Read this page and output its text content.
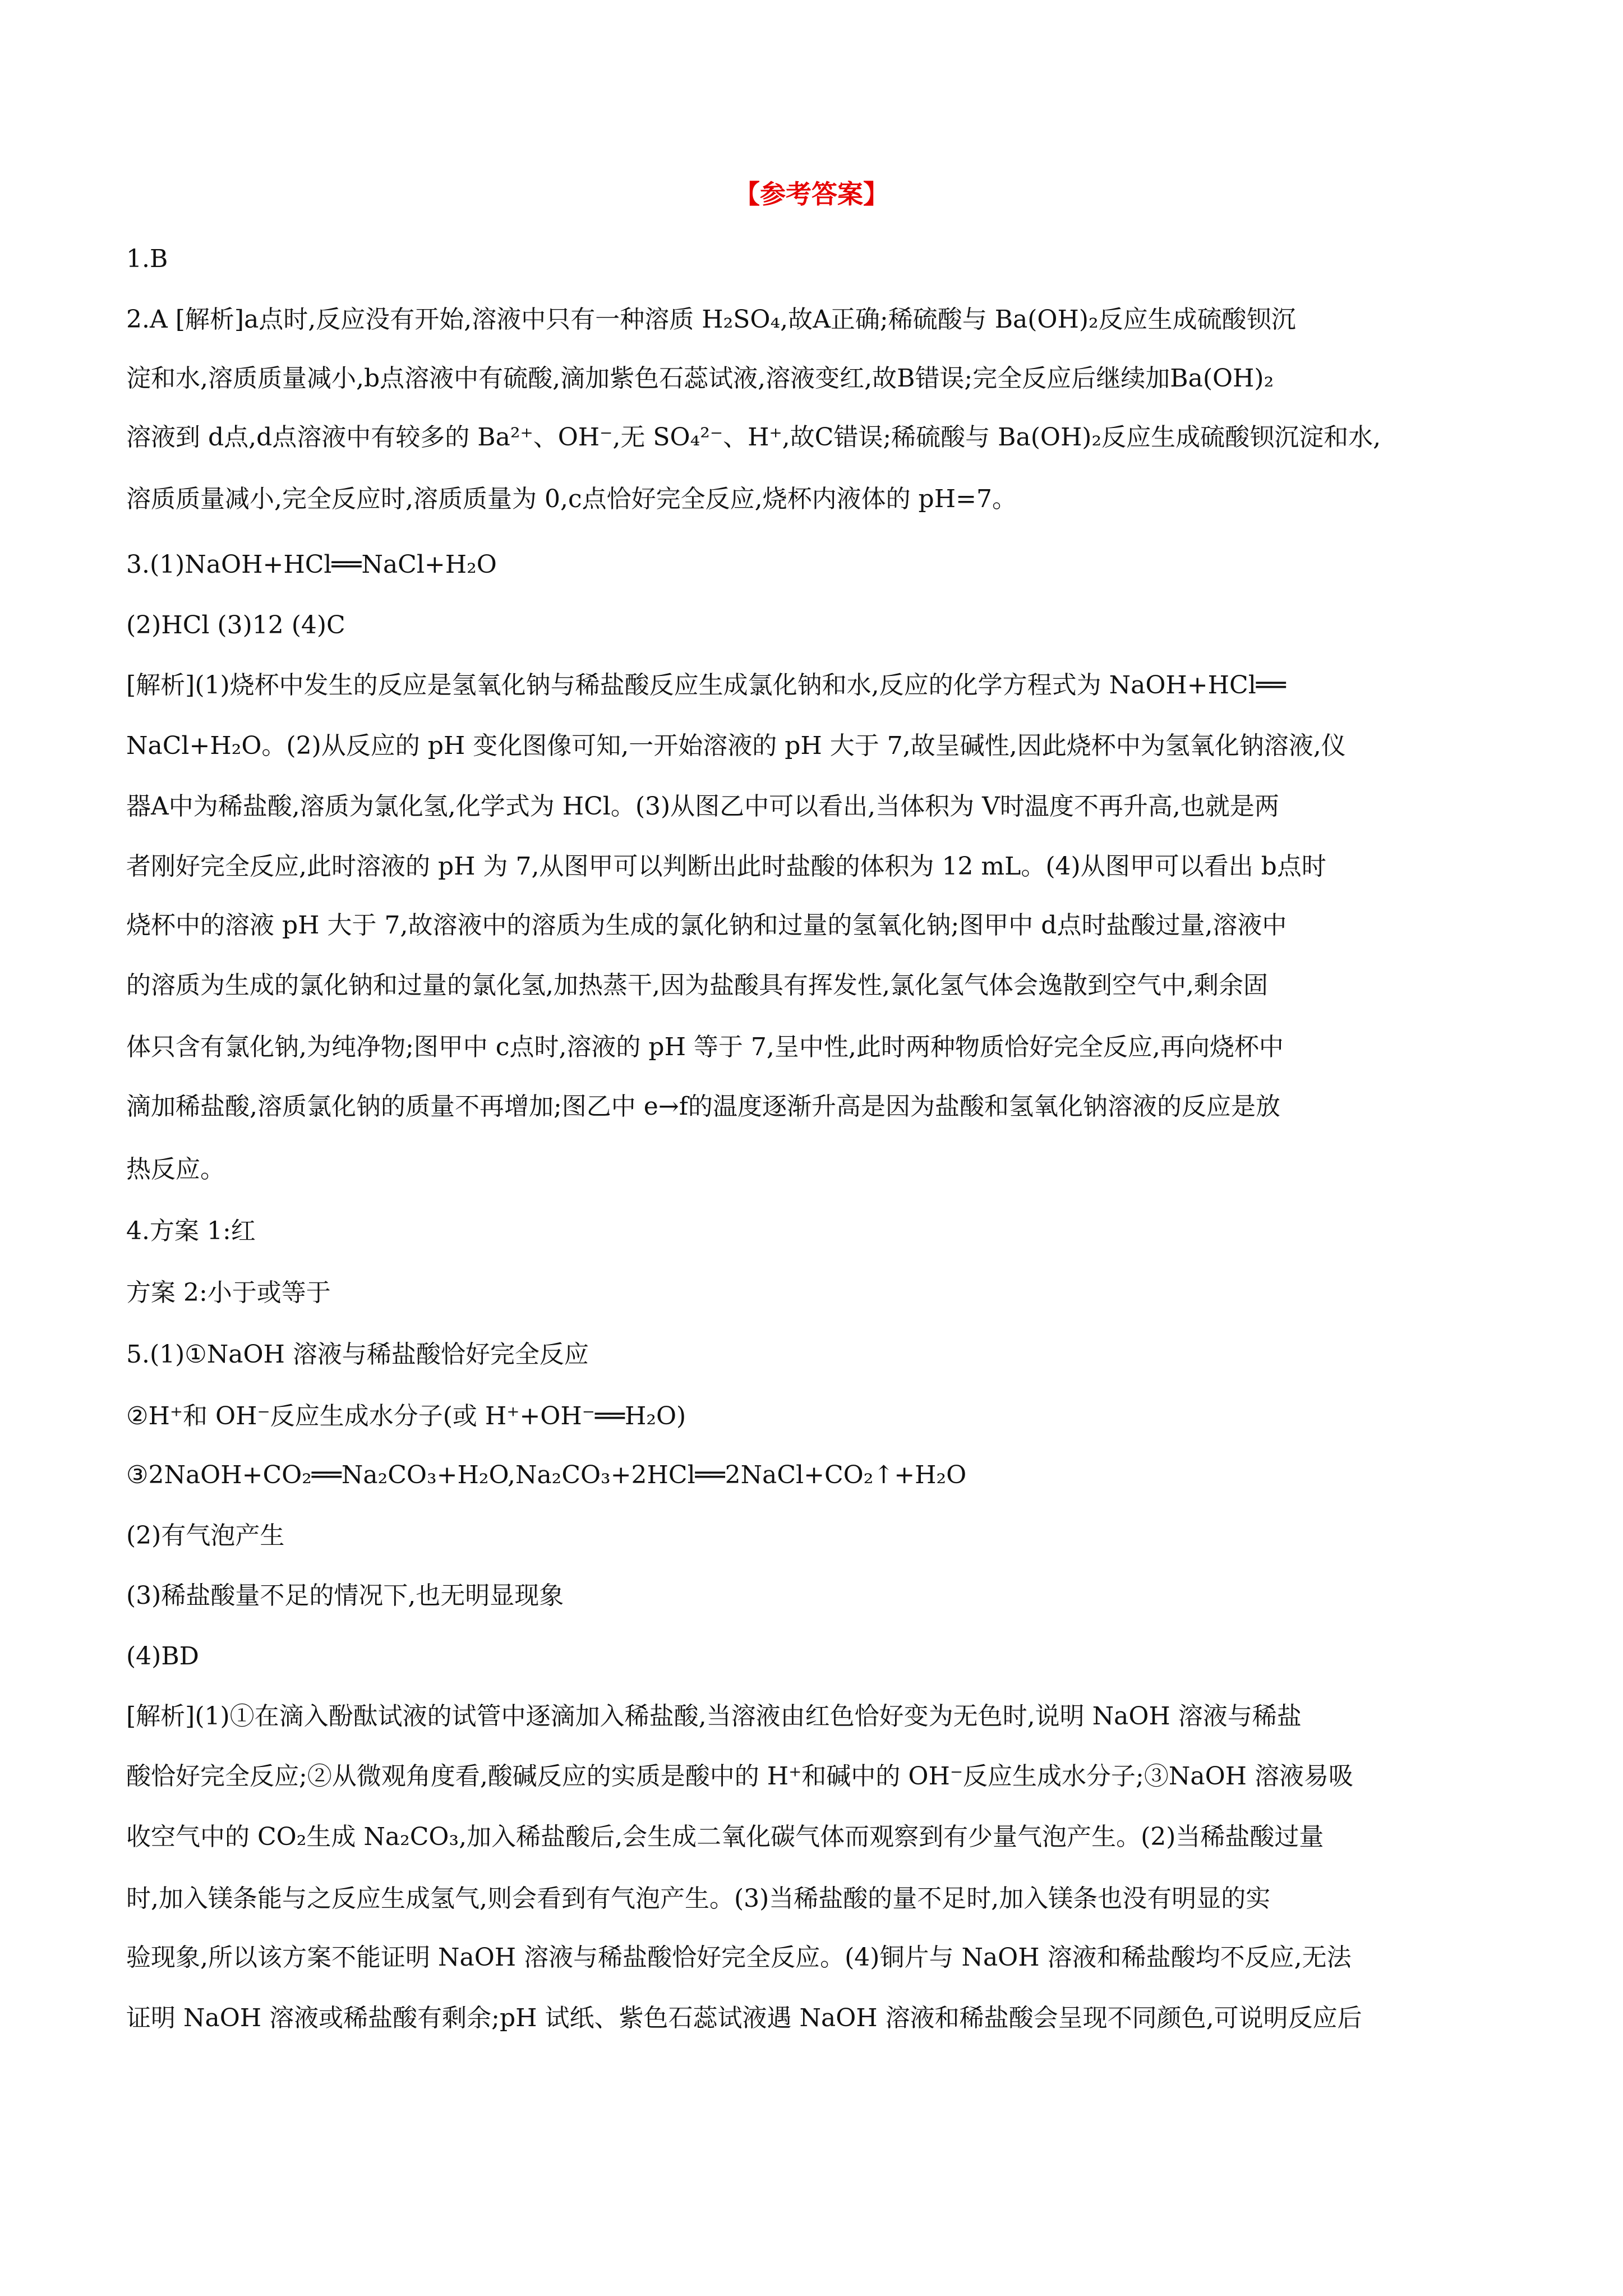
【参考答案】
1.B
2.A [解析]a点时,反应没有开始,溶液中只有一种溶质 H₂SO₄,故A正确;稀硫酸与 Ba(OH)₂反应生成硫酸钡沉
淀和水,溶质质量减小,b点溶液中有硫酸,滴加紫色石蕊试液,溶液变红,故B错误;完全反应后继续加Ba(OH)₂
溶液到 d点,d点溶液中有较多的 Ba²⁺、OH⁻,无 SO₄²⁻、H⁺,故C错误;稀硫酸与 Ba(OH)₂反应生成硫酸钡沉淀和水,
溶质质量减小,完全反应时,溶质质量为 0,c点恰好完全反应,烧杯内液体的 pH=7。
3.(1)NaOH+HCl══NaCl+H₂O
(2)HCl (3)12 (4)C
[解析](1)烧杯中发生的反应是氢氧化钠与稀盐酸反应生成氯化钠和水,反应的化学方程式为 NaOH+HCl══
NaCl+H₂O。(2)从反应的 pH 变化图像可知,一开始溶液的 pH 大于 7,故呈碱性,因此烧杯中为氢氧化钠溶液,仪
器A中为稀盐酸,溶质为氯化氢,化学式为 HCl。(3)从图乙中可以看出,当体积为 V时温度不再升高,也就是两
者刚好完全反应,此时溶液的 pH 为 7,从图甲可以判断出此时盐酸的体积为 12 mL。(4)从图甲可以看出 b点时
烧杯中的溶液 pH 大于 7,故溶液中的溶质为生成的氯化钠和过量的氢氧化钠;图甲中 d点时盐酸过量,溶液中
的溶质为生成的氯化钠和过量的氯化氢,加热蒸干,因为盐酸具有挥发性,氯化氢气体会逸散到空气中,剩余固
体只含有氯化钠,为纯净物;图甲中 c点时,溶液的 pH 等于 7,呈中性,此时两种物质恰好完全反应,再向烧杯中
滴加稀盐酸,溶质氯化钠的质量不再增加;图乙中 e→f的温度逐渐升高是因为盐酸和氢氧化钠溶液的反应是放
热反应。
4.方案 1:红
方案 2:小于或等于
5.(1)①NaOH 溶液与稀盐酸恰好完全反应
②H⁺和 OH⁻反应生成水分子(或 H⁺+OH⁻══H₂O)
③2NaOH+CO₂══Na₂CO₃+H₂O,Na₂CO₃+2HCl══2NaCl+CO₂↑+H₂O
(2)有气泡产生
(3)稀盐酸量不足的情况下,也无明显现象
(4)BD
[解析](1)①在滴入酚酞试液的试管中逐滴加入稀盐酸,当溶液由红色恰好变为无色时,说明 NaOH 溶液与稀盐
酸恰好完全反应;②从微观角度看,酸碱反应的实质是酸中的 H⁺和碱中的 OH⁻反应生成水分子;③NaOH 溶液易吸
收空气中的 CO₂生成 Na₂CO₃,加入稀盐酸后,会生成二氧化碳气体而观察到有少量气泡产生。(2)当稀盐酸过量
时,加入镁条能与之反应生成氢气,则会看到有气泡产生。(3)当稀盐酸的量不足时,加入镁条也没有明显的实
验现象,所以该方案不能证明 NaOH 溶液与稀盐酸恰好完全反应。(4)铜片与 NaOH 溶液和稀盐酸均不反应,无法
证明 NaOH 溶液或稀盐酸有剩余;pH 试纸、紫色石蕊试液遇 NaOH 溶液和稀盐酸会呈现不同颜色,可说明反应后
